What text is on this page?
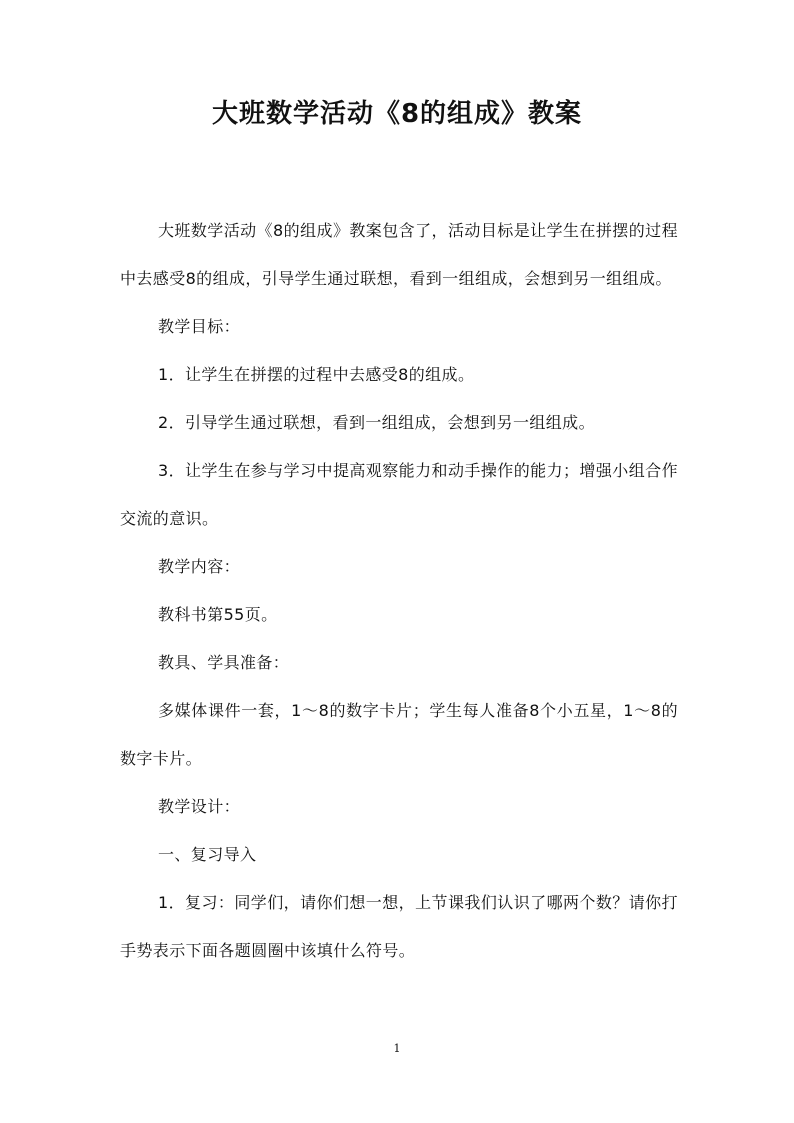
大班数学活动《8的组成》教案

大班数学活动《8的组成》教案包含了，活动目标是让学生在拼摆的过程中去感受8的组成，引导学生通过联想，看到一组组成，会想到另一组组成。

教学目标：

1．让学生在拼摆的过程中去感受8的组成。

2．引导学生通过联想，看到一组组成，会想到另一组组成。

3．让学生在参与学习中提高观察能力和动手操作的能力；增强小组合作交流的意识。

教学内容：

教科书第55页。

教具、学具准备：

多媒体课件一套，1～8的数字卡片；学生每人准备8个小五星，1～8的数字卡片。

教学设计：

一、复习导入

1．复习：同学们，请你们想一想，上节课我们认识了哪两个数？请你打手势表示下面各题圆圈中该填什么符号。

1
